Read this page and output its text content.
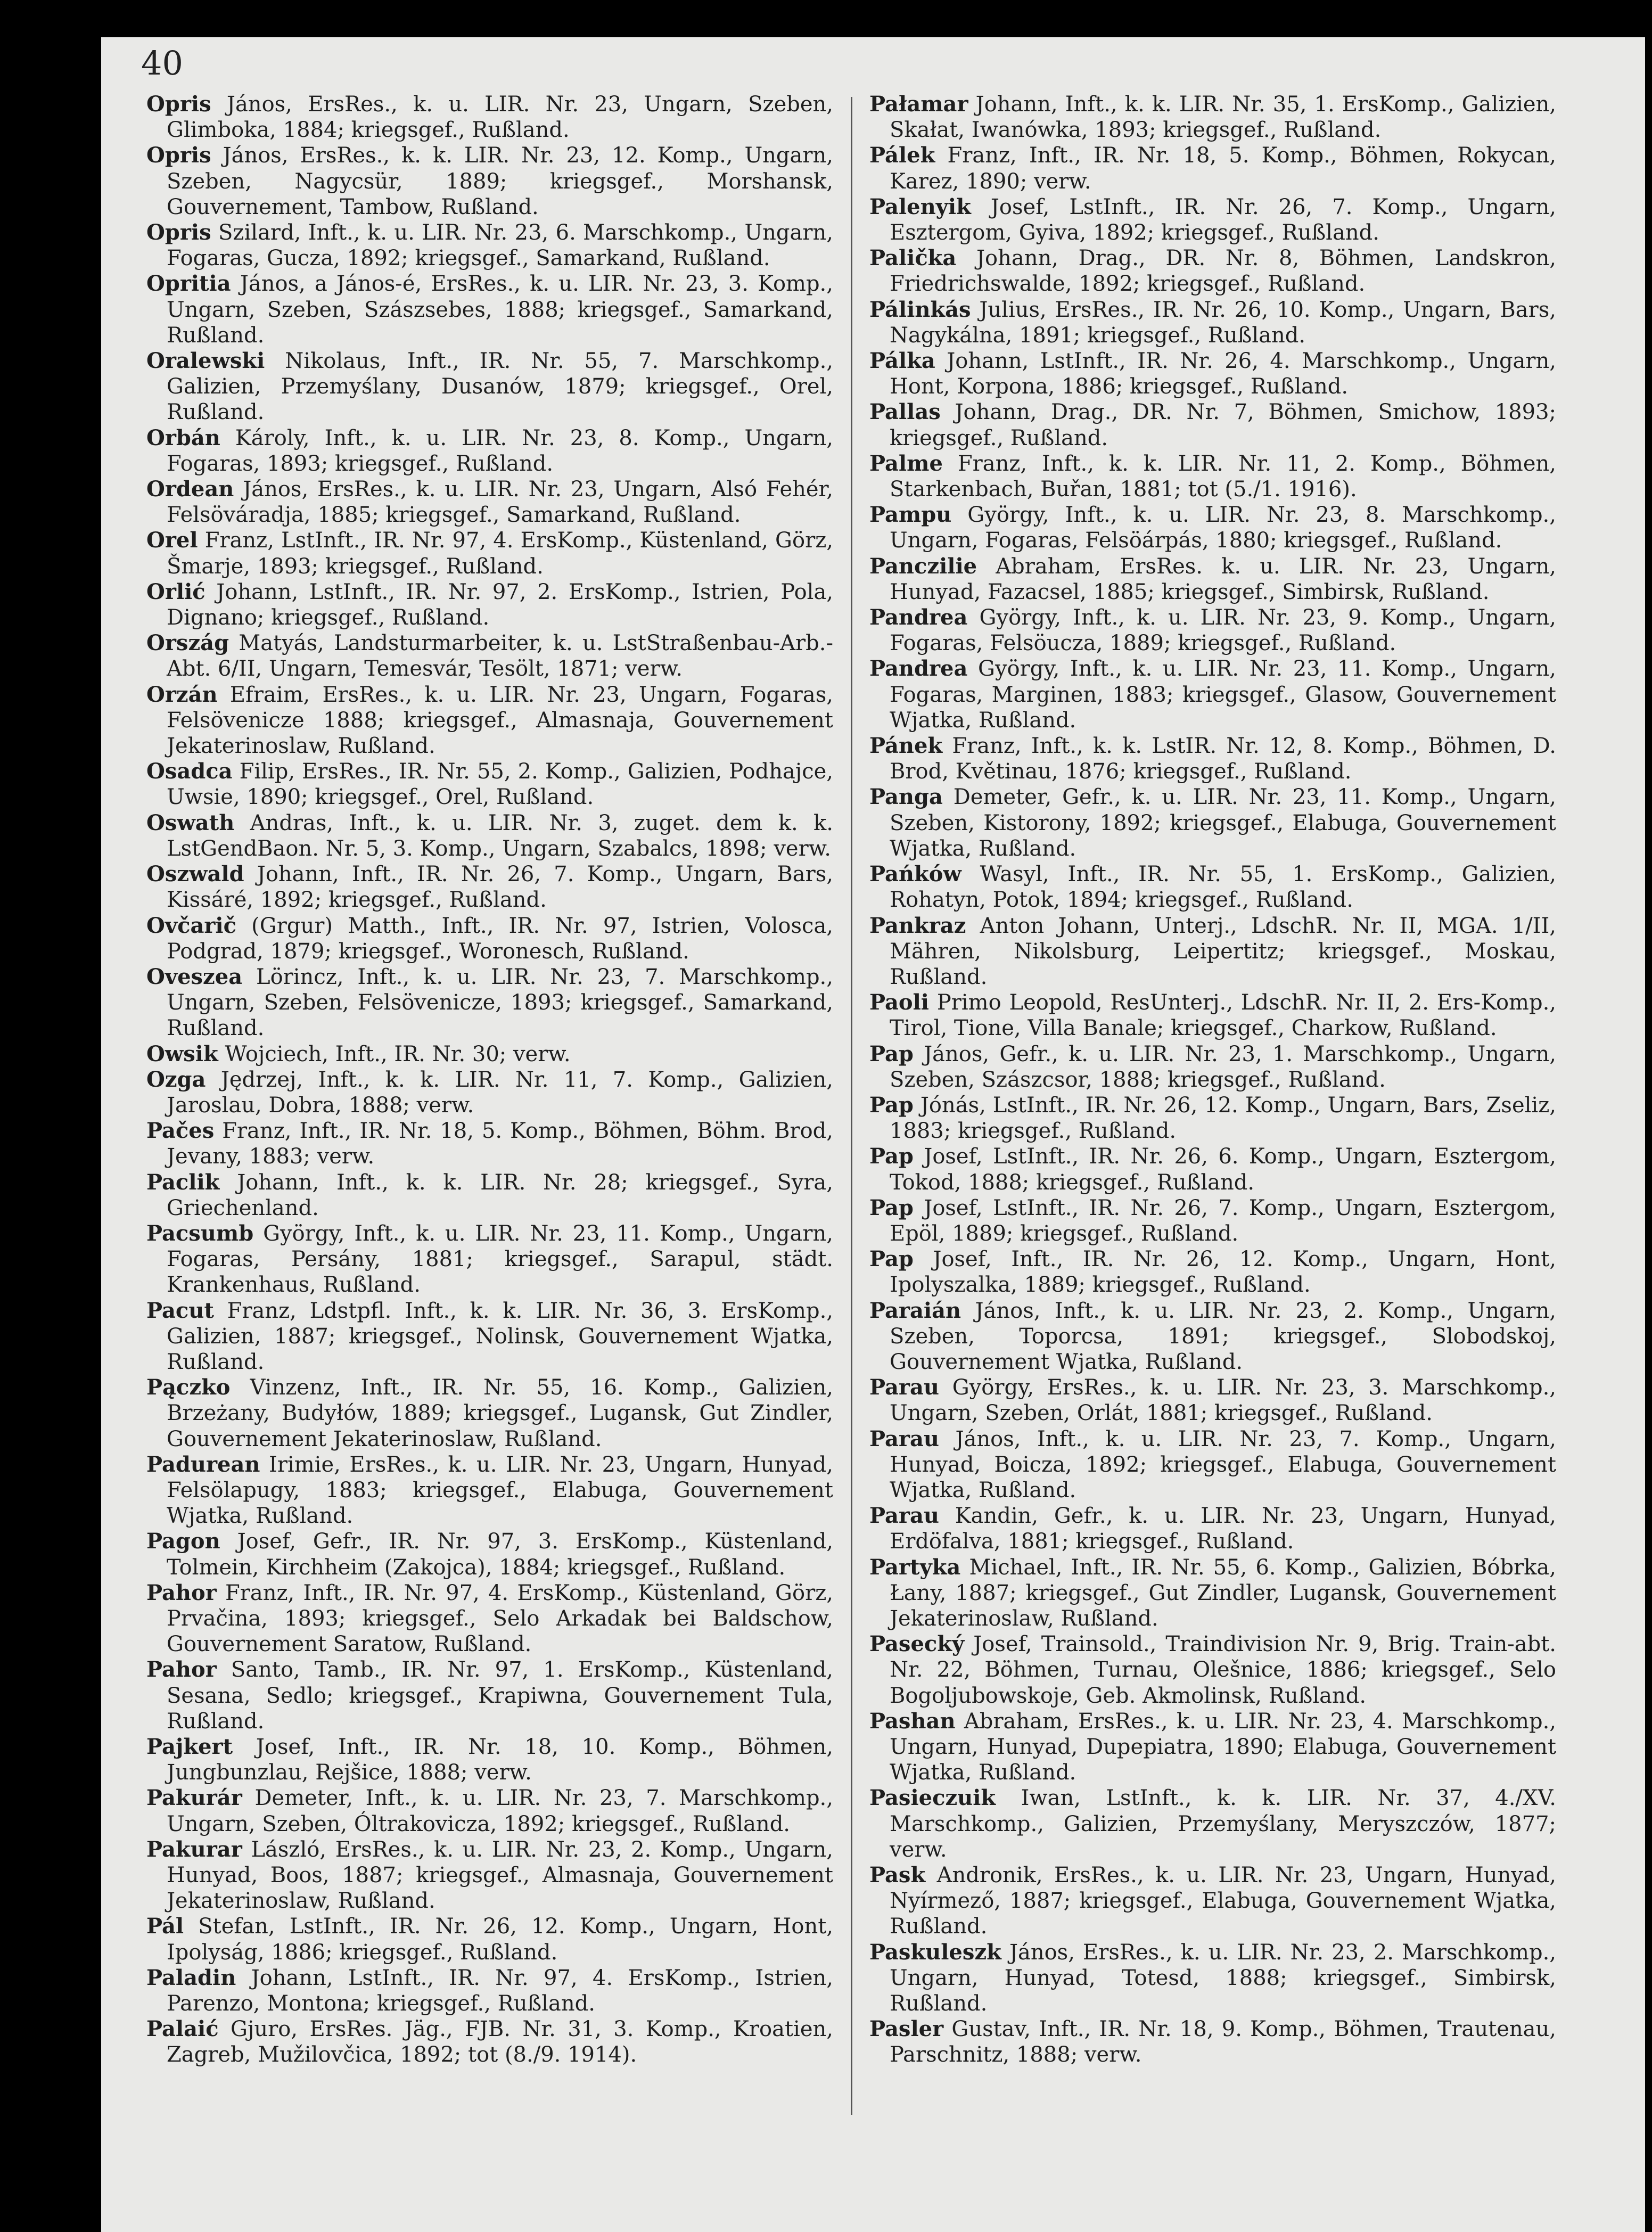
40

Opris János, ErsRes., k. u. LIR. Nr. 23, Ungarn, Szeben, Glimboka, 1884; kriegsgef., Rußland.

Opris János, ErsRes., k. k. LIR. Nr. 23, 12. Komp., Ungarn, Szeben, Nagycsür, 1889; kriegsgef., Morshansk, Gouvernement, Tambow, Rußland.

Opris Szilard, Inft., k. u. LIR. Nr. 23, 6. Marschkomp., Ungarn, Fogaras, Gucza, 1892; kriegsgef., Samarkand, Rußland.

Opritia János, a János-é, ErsRes., k. u. LIR. Nr. 23, 3. Komp., Ungarn, Szeben, Szászsebes, 1888; kriegsgef., Samarkand, Rußland.

Oralewski Nikolaus, Inft., IR. Nr. 55, 7. Marschkomp., Galizien, Przemyślany, Dusanów, 1879; kriegsgef., Orel, Rußland.

Orbán Károly, Inft., k. u. LIR. Nr. 23, 8. Komp., Ungarn, Fogaras, 1893; kriegsgef., Rußland.

Ordean János, ErsRes., k. u. LIR. Nr. 23, Ungarn, Alsó Fehér, Felsöváradja, 1885; kriegsgef., Samarkand, Rußland.

Orel Franz, LstInft., IR. Nr. 97, 4. ErsKomp., Küstenland, Görz, Šmarje, 1893; kriegsgef., Rußland.

Orlić Johann, LstInft., IR. Nr. 97, 2. ErsKomp., Istrien, Pola, Dignano; kriegsgef., Rußland.

Ország Matyás, Landsturmarbeiter, k. u. LstStraßenbau-Arb.-Abt. 6/II, Ungarn, Temesvár, Tesölt, 1871; verw.

Orzán Efraim, ErsRes., k. u. LIR. Nr. 23, Ungarn, Fogaras, Felsövenicze 1888; kriegsgef., Almasnaja, Gouvernement Jekaterinoslaw, Rußland.

Osadca Filip, ErsRes., IR. Nr. 55, 2. Komp., Galizien, Podhajce, Uwsie, 1890; kriegsgef., Orel, Rußland.

Oswath Andras, Inft., k. u. LIR. Nr. 3, zuget. dem k. k. LstGendBaon. Nr. 5, 3. Komp., Ungarn, Szabalcs, 1898; verw.

Oszwald Johann, Inft., IR. Nr. 26, 7. Komp., Ungarn, Bars, Kissáré, 1892; kriegsgef., Rußland.

Ovčarič (Grgur) Matth., Inft., IR. Nr. 97, Istrien, Volosca, Podgrad, 1879; kriegsgef., Woronesch, Rußland.

Oveszea Lörincz, Inft., k. u. LIR. Nr. 23, 7. Marschkomp., Ungarn, Szeben, Felsövenicze, 1893; kriegsgef., Samarkand, Rußland.

Owsik Wojciech, Inft., IR. Nr. 30; verw.

Ozga Jędrzej, Inft., k. k. LIR. Nr. 11, 7. Komp., Galizien, Jaroslau, Dobra, 1888; verw.

Pačes Franz, Inft., IR. Nr. 18, 5. Komp., Böhmen, Böhm. Brod, Jevany, 1883; verw.

Paclik Johann, Inft., k. k. LIR. Nr. 28; kriegsgef., Syra, Griechenland.

Pacsumb György, Inft., k. u. LIR. Nr. 23, 11. Komp., Ungarn, Fogaras, Persány, 1881; kriegsgef., Sarapul, städt. Krankenhaus, Rußland.

Pacut Franz, Ldstpfl. Inft., k. k. LIR. Nr. 36, 3. ErsKomp., Galizien, 1887; kriegsgef., Nolinsk, Gouvernement Wjatka, Rußland.

Pączko Vinzenz, Inft., IR. Nr. 55, 16. Komp., Galizien, Brzeżany, Budyłów, 1889; kriegsgef., Lugansk, Gut Zindler, Gouvernement Jekaterinoslaw, Rußland.

Padurean Irimie, ErsRes., k. u. LIR. Nr. 23, Ungarn, Hunyad, Felsölapugy, 1883; kriegsgef., Elabuga, Gouvernement Wjatka, Rußland.

Pagon Josef, Gefr., IR. Nr. 97, 3. ErsKomp., Küstenland, Tolmein, Kirchheim (Zakojca), 1884; kriegsgef., Rußland.

Pahor Franz, Inft., IR. Nr. 97, 4. ErsKomp., Küstenland, Görz, Prvačina, 1893; kriegsgef., Selo Arkadak bei Baldschow, Gouvernement Saratow, Rußland.

Pahor Santo, Tamb., IR. Nr. 97, 1. ErsKomp., Küstenland, Sesana, Sedlo; kriegsgef., Krapiwna, Gouvernement Tula, Rußland.

Pajkert Josef, Inft., IR. Nr. 18, 10. Komp., Böhmen, Jungbunzlau, Rejšice, 1888; verw.

Pakurár Demeter, Inft., k. u. LIR. Nr. 23, 7. Marschkomp., Ungarn, Szeben, Óltrakovicza, 1892; kriegsgef., Rußland.

Pakurar László, ErsRes., k. u. LIR. Nr. 23, 2. Komp., Ungarn, Hunyad, Boos, 1887; kriegsgef., Almasnaja, Gouvernement Jekaterinoslaw, Rußland.

Pál Stefan, LstInft., IR. Nr. 26, 12. Komp., Ungarn, Hont, Ipolyság, 1886; kriegsgef., Rußland.

Paladin Johann, LstInft., IR. Nr. 97, 4. ErsKomp., Istrien, Parenzo, Montona; kriegsgef., Rußland.

Palaić Gjuro, ErsRes. Jäg., FJB. Nr. 31, 3. Komp., Kroatien, Zagreb, Mužilovčica, 1892; tot (8./9. 1914).

Pałamar Johann, Inft., k. k. LIR. Nr. 35, 1. ErsKomp., Galizien, Skałat, Iwanówka, 1893; kriegsgef., Rußland.

Pálek Franz, Inft., IR. Nr. 18, 5. Komp., Böhmen, Rokycan, Karez, 1890; verw.

Palenyik Josef, LstInft., IR. Nr. 26, 7. Komp., Ungarn, Esztergom, Gyiva, 1892; kriegsgef., Rußland.

Palička Johann, Drag., DR. Nr. 8, Böhmen, Landskron, Friedrichswalde, 1892; kriegsgef., Rußland.

Pálinkás Julius, ErsRes., IR. Nr. 26, 10. Komp., Ungarn, Bars, Nagykálna, 1891; kriegsgef., Rußland.

Pálka Johann, LstInft., IR. Nr. 26, 4. Marschkomp., Ungarn, Hont, Korpona, 1886; kriegsgef., Rußland.

Pallas Johann, Drag., DR. Nr. 7, Böhmen, Smichow, 1893; kriegsgef., Rußland.

Palme Franz, Inft., k. k. LIR. Nr. 11, 2. Komp., Böhmen, Starkenbach, Buřan, 1881; tot (5./1. 1916).

Pampu György, Inft., k. u. LIR. Nr. 23, 8. Marschkomp., Ungarn, Fogaras, Felsöárpás, 1880; kriegsgef., Rußland.

Panczilie Abraham, ErsRes. k. u. LIR. Nr. 23, Ungarn, Hunyad, Fazacsel, 1885; kriegsgef., Simbirsk, Rußland.

Pandrea György, Inft., k. u. LIR. Nr. 23, 9. Komp., Ungarn, Fogaras, Felsöucza, 1889; kriegsgef., Rußland.

Pandrea György, Inft., k. u. LIR. Nr. 23, 11. Komp., Ungarn, Fogaras, Marginen, 1883; kriegsgef., Glasow, Gouvernement Wjatka, Rußland.

Pánek Franz, Inft., k. k. LstIR. Nr. 12, 8. Komp., Böhmen, D. Brod, Květinau, 1876; kriegsgef., Rußland.

Panga Demeter, Gefr., k. u. LIR. Nr. 23, 11. Komp., Ungarn, Szeben, Kistorony, 1892; kriegsgef., Elabuga, Gouvernement Wjatka, Rußland.

Pańków Wasyl, Inft., IR. Nr. 55, 1. ErsKomp., Galizien, Rohatyn, Potok, 1894; kriegsgef., Rußland.

Pankraz Anton Johann, Unterj., LdschR. Nr. II, MGA. 1/II, Mähren, Nikolsburg, Leipertitz; kriegsgef., Moskau, Rußland.

Paoli Primo Leopold, ResUnterj., LdschR. Nr. II, 2. Ers-Komp., Tirol, Tione, Villa Banale; kriegsgef., Charkow, Rußland.

Pap János, Gefr., k. u. LIR. Nr. 23, 1. Marschkomp., Ungarn, Szeben, Szászcsor, 1888; kriegsgef., Rußland.

Pap Jónás, LstInft., IR. Nr. 26, 12. Komp., Ungarn, Bars, Zseliz, 1883; kriegsgef., Rußland.

Pap Josef, LstInft., IR. Nr. 26, 6. Komp., Ungarn, Esztergom, Tokod, 1888; kriegsgef., Rußland.

Pap Josef, LstInft., IR. Nr. 26, 7. Komp., Ungarn, Esztergom, Epöl, 1889; kriegsgef., Rußland.

Pap Josef, Inft., IR. Nr. 26, 12. Komp., Ungarn, Hont, Ipolyszalka, 1889; kriegsgef., Rußland.

Paraián János, Inft., k. u. LIR. Nr. 23, 2. Komp., Ungarn, Szeben, Toporcsa, 1891; kriegsgef., Slobodskoj, Gouvernement Wjatka, Rußland.

Parau György, ErsRes., k. u. LIR. Nr. 23, 3. Marschkomp., Ungarn, Szeben, Orlát, 1881; kriegsgef., Rußland.

Parau János, Inft., k. u. LIR. Nr. 23, 7. Komp., Ungarn, Hunyad, Boicza, 1892; kriegsgef., Elabuga, Gouvernement Wjatka, Rußland.

Parau Kandin, Gefr., k. u. LIR. Nr. 23, Ungarn, Hunyad, Erdöfalva, 1881; kriegsgef., Rußland.

Partyka Michael, Inft., IR. Nr. 55, 6. Komp., Galizien, Bóbrka, Łany, 1887; kriegsgef., Gut Zindler, Lugansk, Gouvernement Jekaterinoslaw, Rußland.

Pasecký Josef, Trainsold., Traindivision Nr. 9, Brig. Train-abt. Nr. 22, Böhmen, Turnau, Olešnice, 1886; kriegsgef., Selo Bogoljubowskoje, Geb. Akmolinsk, Rußland.

Pashan Abraham, ErsRes., k. u. LIR. Nr. 23, 4. Marschkomp., Ungarn, Hunyad, Dupepiatra, 1890; Elabuga, Gouvernement Wjatka, Rußland.

Pasieczuik Iwan, LstInft., k. k. LIR. Nr. 37, 4./XV. Marschkomp., Galizien, Przemyślany, Meryszczów, 1877; verw.

Pask Andronik, ErsRes., k. u. LIR. Nr. 23, Ungarn, Hunyad, Nyírmező, 1887; kriegsgef., Elabuga, Gouvernement Wjatka, Rußland.

Paskuleszk János, ErsRes., k. u. LIR. Nr. 23, 2. Marschkomp., Ungarn, Hunyad, Totesd, 1888; kriegsgef., Simbirsk, Rußland.

Pasler Gustav, Inft., IR. Nr. 18, 9. Komp., Böhmen, Trautenau, Parschnitz, 1888; verw.
